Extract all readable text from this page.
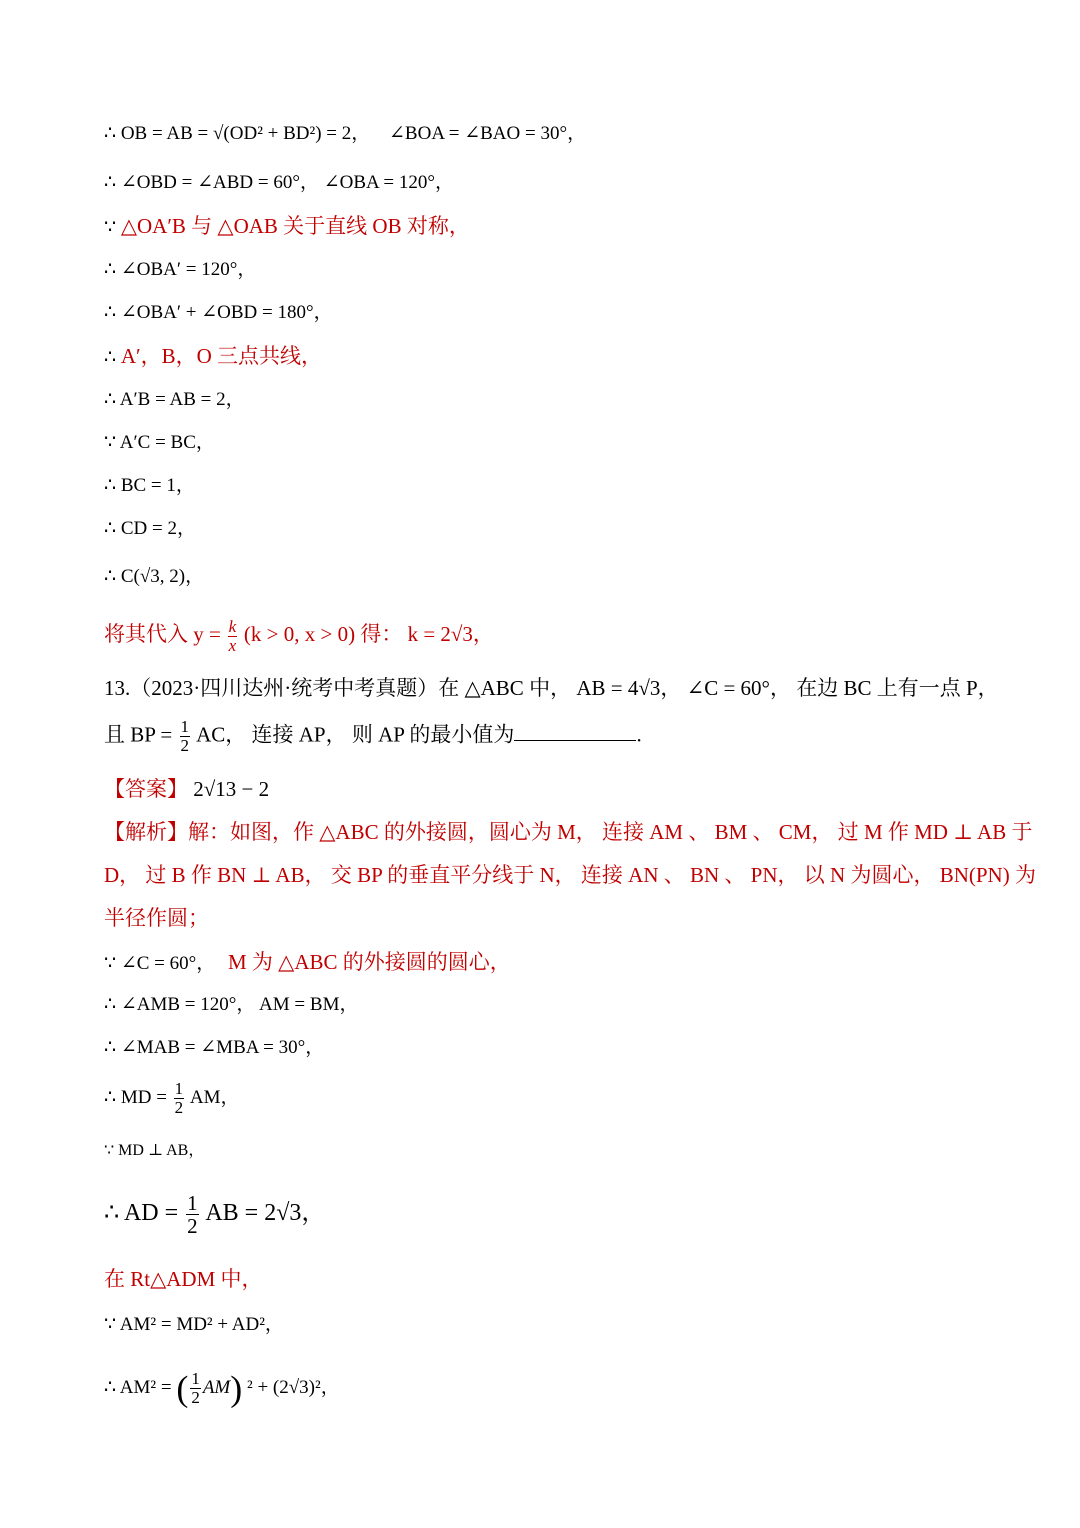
∴ OB = AB = √(OD² + BD²) = 2， ∠BOA = ∠BAO = 30°，
∴ ∠OBD = ∠ABD = 60°， ∠OBA = 120°，
∵ △OA′B 与 △OAB 关于直线 OB 对称，
∴ ∠OBA′ = 120°，
∴ ∠OBA′ + ∠OBD = 180°，
∴ A′，B，O 三点共线，
∴ A′B = AB = 2，
∵ A′C = BC，
∴ BC = 1，
∴ CD = 2，
∴ C(√3, 2)，
将其代入 $y = \frac{k}{x} (k > 0$, x > 0) 得： k = 2√3，
13.（2023·四川达州·统考中考真题）在 △ABC 中， AB = 4√3， ∠C = 60°， 在边 BC 上有一点 P，
且 BP = $\frac{1}{2}$ AC， 连接 AP， 则 AP 的最小值为	.
【答案】 2√13 − 2
【解析】解：如图，作 △ABC 的外接圆，圆心为 M， 连接 AM 、 BM 、 CM， 过 M 作 MD ⊥ AB 于
D， 过 B 作 BN ⊥ AB， 交 BP 的垂直平分线于 N， 连接 AN 、 BN 、 PN， 以 N 为圆心， BN(PN) 为
半径作圆；
∵ ∠C = 60°， M 为 △ABC 的外接圆的圆心，
∴ ∠AMB = 120°， AM = BM，
∴ ∠MAB = ∠MBA = 30°，
∴ MD = $\frac{1}{2}$ AM，
∵ MD ⊥ AB，
∴ AD = $\frac{1}{2}$ AB = 2√3，
在 Rt△ADM 中，
∵ AM² = MD² + AD²，
∴ AM² = ( $\frac{1}{2} AM$) ² + (2√3)²，
